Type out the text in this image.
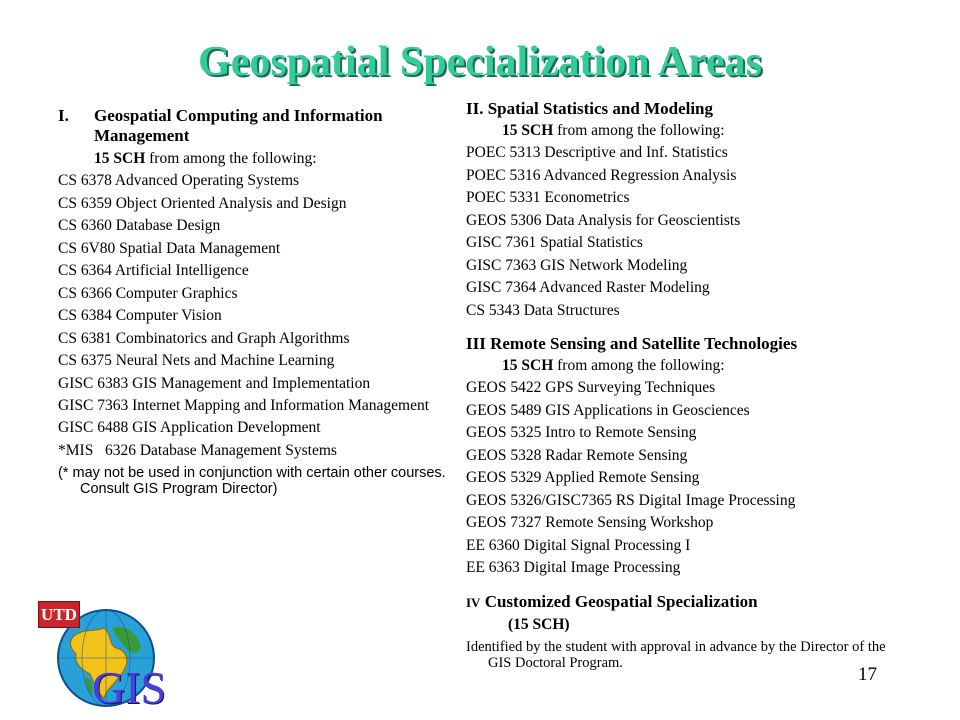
Geospatial Specialization Areas
I.	Geospatial Computing and Information Management
15 SCH from among the following:
CS 6378 Advanced Operating Systems
CS 6359 Object Oriented Analysis and Design
CS 6360 Database Design
CS 6V80 Spatial Data Management
CS 6364 Artificial Intelligence
CS 6366 Computer Graphics
CS 6384 Computer Vision
CS 6381 Combinatorics and Graph Algorithms
CS 6375 Neural Nets and Machine Learning
GISC 6383 GIS Management and Implementation
GISC 7363 Internet Mapping and Information Management
GISC 6488 GIS Application Development
*MIS   6326 Database Management Systems
(* may not be used in conjunction with certain other courses. Consult GIS Program Director)
II. Spatial Statistics and Modeling
15 SCH from among the following:
POEC 5313 Descriptive and Inf. Statistics
POEC 5316 Advanced Regression Analysis
POEC 5331 Econometrics
GEOS 5306 Data Analysis for Geoscientists
GISC 7361 Spatial Statistics
GISC 7363 GIS Network Modeling
GISC 7364 Advanced Raster Modeling
CS 5343 Data Structures
III Remote Sensing and Satellite Technologies
15 SCH from among the following:
GEOS 5422 GPS Surveying Techniques
GEOS 5489 GIS Applications in Geosciences
GEOS 5325 Intro to Remote Sensing
GEOS 5328 Radar Remote Sensing
GEOS 5329 Applied Remote Sensing
GEOS 5326/GISC7365 RS Digital Image Processing
GEOS 7327 Remote Sensing Workshop
EE 6360 Digital Signal Processing I
EE 6363 Digital Image Processing
IV Customized Geospatial Specialization
(15 SCH)
Identified by the student with approval in advance by the Director of the GIS Doctoral Program.
UTD
GIS	17
